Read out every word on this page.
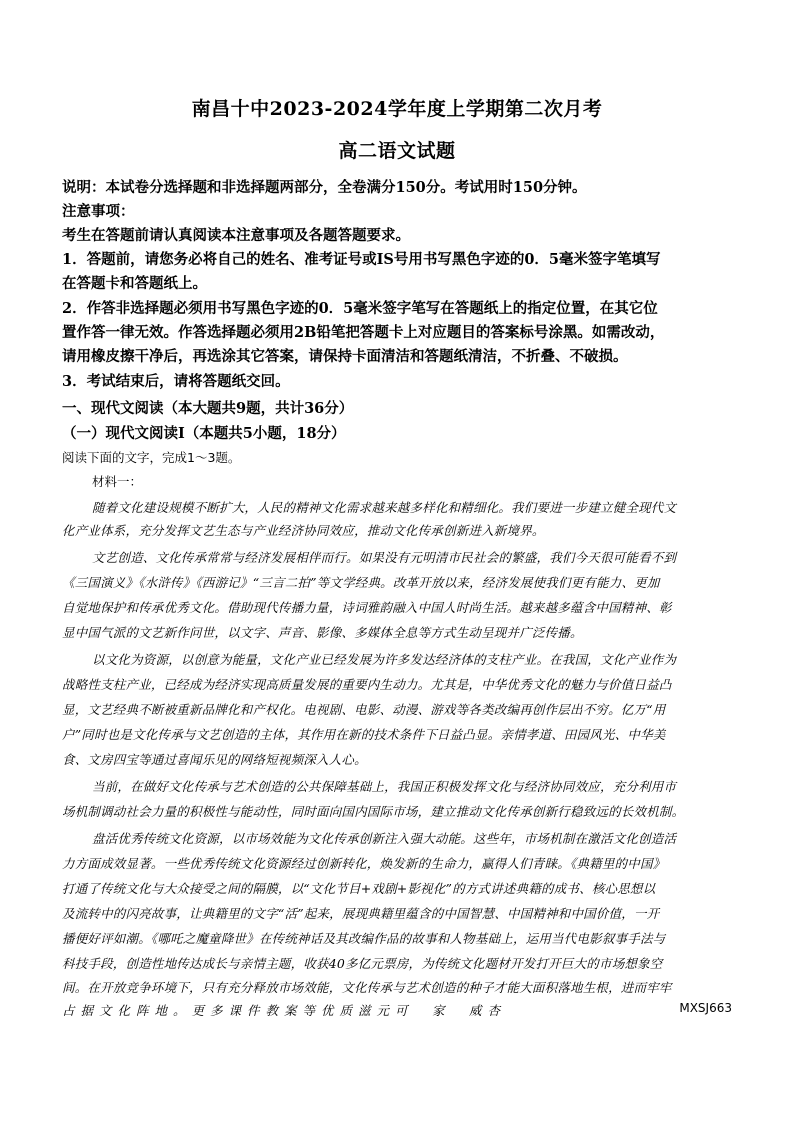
南昌十中2023-2024学年度上学期第二次月考
高二语文试题
说明：本试卷分选择题和非选择题两部分，全卷满分150分。考试用时150分钟。
注意事项：
考生在答题前请认真阅读本注意事项及各题答题要求。
1．答题前，请您务必将自己的姓名、准考证号或IS号用书写黑色字迹的0．5毫米签字笔填写
在答题卡和答题纸上。
2．作答非选择题必须用书写黑色字迹的0．5毫米签字笔写在答题纸上的指定位置，在其它位
置作答一律无效。作答选择题必须用2B铅笔把答题卡上对应题目的答案标号涂黑。如需改动，
请用橡皮擦干净后，再选涂其它答案，请保持卡面清洁和答题纸清洁，不折叠、不破损。
3．考试结束后，请将答题纸交回。
一、现代文阅读（本大题共9题，共计36分）
（一）现代文阅读I（本题共5小题，18分）
阅读下面的文字，完成1～3题。
材料一：
随着文化建设规模不断扩大，人民的精神文化需求越来越多样化和精细化。我们要进一步建立健全现代文
化产业体系，充分发挥文艺生态与产业经济协同效应，推动文化传承创新进入新境界。
文艺创造、文化传承常常与经济发展相伴而行。如果没有元明清市民社会的繁盛，我们今天很可能看不到
《三国演义》《水浒传》《西游记》“三言二拍”等文学经典。改革开放以来，经济发展使我们更有能力、更加
自觉地保护和传承优秀文化。借助现代传播力量，诗词雅韵融入中国人时尚生活。越来越多蕴含中国精神、彰
显中国气派的文艺新作问世，以文字、声音、影像、多媒体全息等方式生动呈现并广泛传播。
以文化为资源，以创意为能量，文化产业已经发展为许多发达经济体的支柱产业。在我国，文化产业作为
战略性支柱产业，已经成为经济实现高质量发展的重要内生动力。尤其是，中华优秀文化的魅力与价值日益凸
显，文艺经典不断被重新品牌化和产权化。电视剧、电影、动漫、游戏等各类改编再创作层出不穷。亿万“用
户”同时也是文化传承与文艺创造的主体，其作用在新的技术条件下日益凸显。亲情孝道、田园风光、中华美
食、文房四宝等通过喜闻乐见的网络短视频深入人心。
当前，在做好文化传承与艺术创造的公共保障基础上，我国正积极发挥文化与经济协同效应，充分利用市
场机制调动社会力量的积极性与能动性，同时面向国内国际市场，建立推动文化传承创新行稳致远的长效机制。
盘活优秀传统文化资源，以市场效能为文化传承创新注入强大动能。这些年，市场机制在激活文化创造活
力方面成效显著。一些优秀传统文化资源经过创新转化，焕发新的生命力，赢得人们青睐。《典籍里的中国》
打通了传统文化与大众接受之间的隔膜，以“文化节目+戏剧+影视化”的方式讲述典籍的成书、核心思想以
及流转中的闪亮故事，让典籍里的文字“活”起来，展现典籍里蕴含的中国智慧、中国精神和中国价值，一开
播便好评如潮。《哪吒之魔童降世》在传统神话及其改编作品的故事和人物基础上，运用当代电影叙事手法与
科技手段，创造性地传达成长与亲情主题，收获40多亿元票房，为传统文化题材开发打开巨大的市场想象空
间。在开放竞争环境下，只有充分释放市场效能，文化传承与艺术创造的种子才能大面积落地生根，进而牢牢
占据文化阵地。更多课件教案等优质滋元可　家　威杏	MXSJ663
